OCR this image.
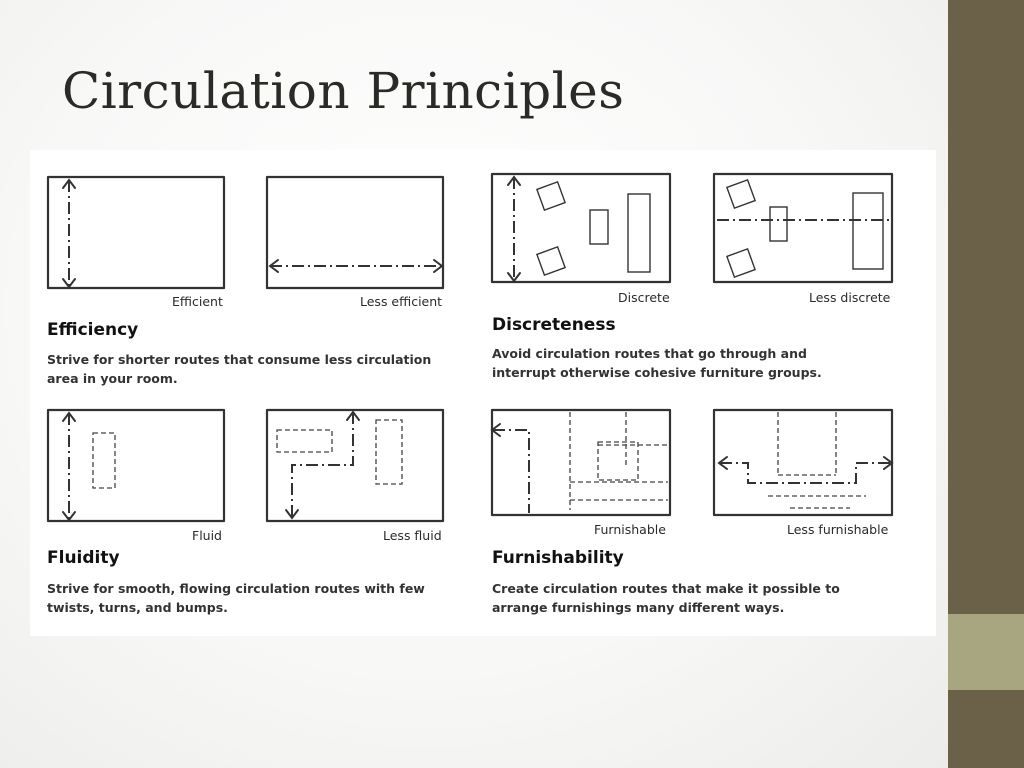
Circulation Principles
Efficient	Less efficient	Discrete	Less discrete
Fluid	Less fluid	Furnishable	Less furnishable
Efficiency	Discreteness
Fluidity	Furnishability
Strive for shorter routes that consume less circulation area in your room.
Avoid circulation routes that go through and interrupt otherwise cohesive furniture groups.
Strive for smooth, flowing circulation routes with few twists, turns, and bumps.
Create circulation routes that make it possible to arrange furnishings many different ways.
